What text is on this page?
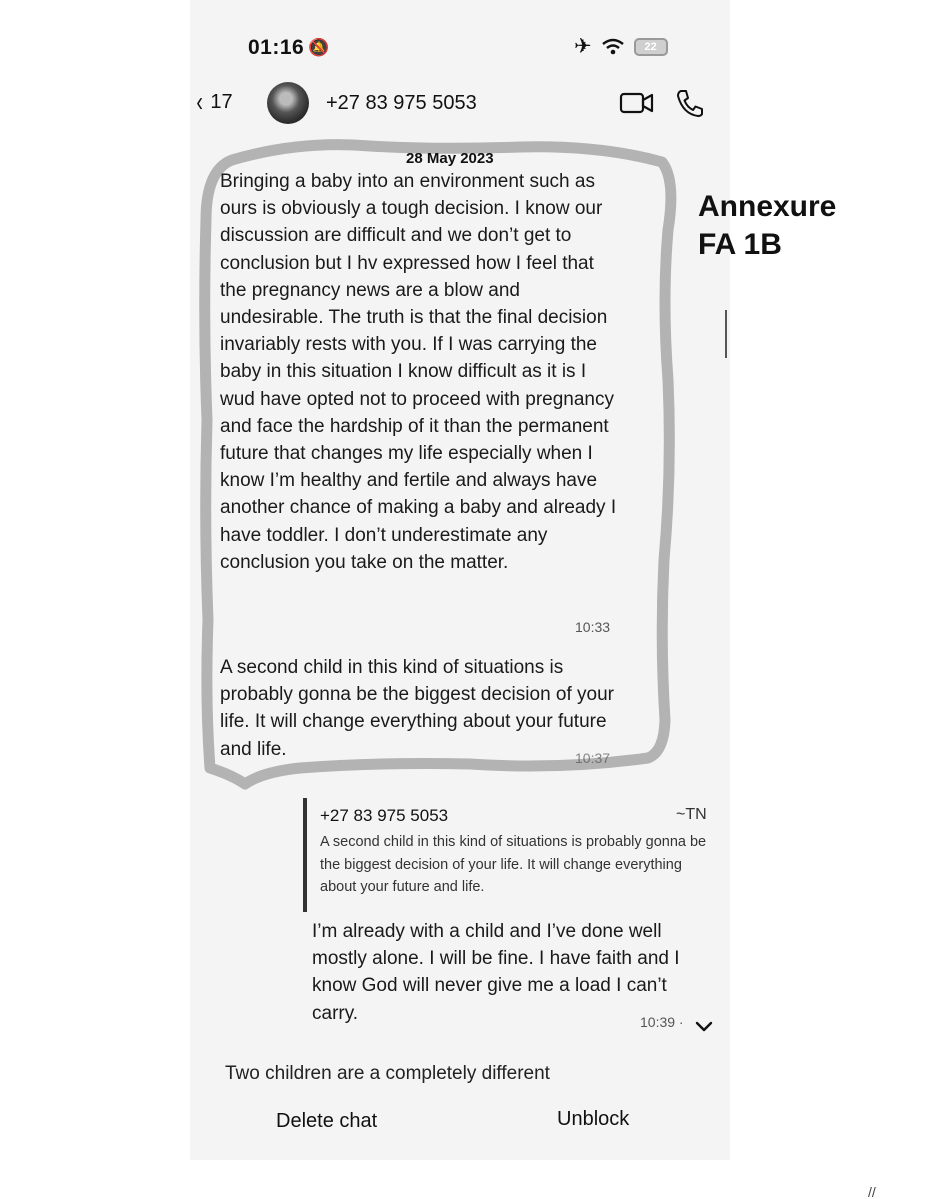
01:16 🔕	✈	22
‹ 17	+27 83 975 5053
Annexure
FA 1B
28 May 2023
Bringing a baby into an environment such as ours is obviously a tough decision. I know our discussion are difficult and we don’t get to conclusion but I hv expressed how I feel that the pregnancy news are a blow and undesirable. The truth is that the final decision invariably rests with you. If I was carrying the baby in this situation I know difficult as it is I wud have opted not to proceed with pregnancy and face the hardship of it than the permanent future that changes my life especially when I know I’m healthy and fertile and always have another chance of making a baby and already I have toddler. I don’t underestimate any conclusion you take on the matter.
10:33
A second child in this kind of situations is probably gonna be the biggest decision of your life. It will change everything about your future and life.	10:37
+27 83 975 5053	~TN
A second child in this kind of situations is probably gonna be the biggest decision of your life. It will change everything about your future and life.
I’m already with a child and I’ve done well mostly alone. I will be fine. I have faith and I know God will never give me a load I can’t carry.	10:39 ·
Two children are a completely different
Delete chat	Unblock
//
